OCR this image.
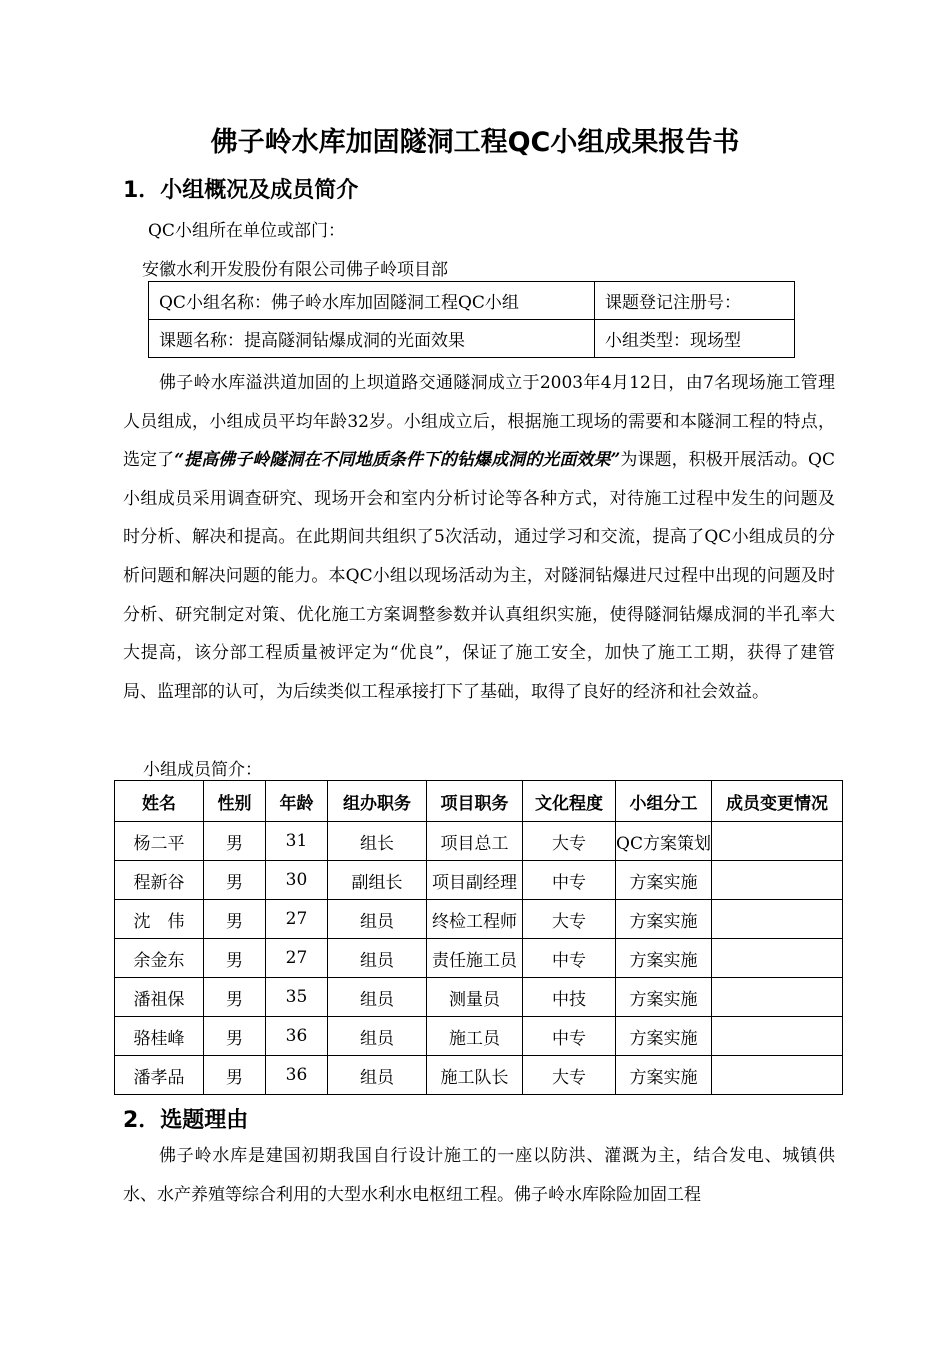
佛子岭水库加固隧洞工程QC小组成果报告书
1．小组概况及成员简介
QC小组所在单位或部门：
安徽水利开发股份有限公司佛子岭项目部
QC小组名称：佛子岭水库加固隧洞工程QC小组	课题登记注册号：
课题名称：提高隧洞钻爆成洞的光面效果	小组类型：现场型
佛子岭水库溢洪道加固的上坝道路交通隧洞成立于2003年4月12日，由7名现场施工管理人员组成，小组成员平均年龄32岁。小组成立后，根据施工现场的需要和本隧洞工程的特点，选定了“提高佛子岭隧洞在不同地质条件下的钻爆成洞的光面效果”为课题，积极开展活动。QC小组成员采用调查研究、现场开会和室内分析讨论等各种方式，对待施工过程中发生的问题及时分析、解决和提高。在此期间共组织了5次活动，通过学习和交流，提高了QC小组成员的分析问题和解决问题的能力。本QC小组以现场活动为主，对隧洞钻爆进尺过程中出现的问题及时分析、研究制定对策、优化施工方案调整参数并认真组织实施，使得隧洞钻爆成洞的半孔率大大提高，该分部工程质量被评定为“优良”，保证了施工安全，加快了施工工期，获得了建管局、监理部的认可，为后续类似工程承接打下了基础，取得了良好的经济和社会效益。
小组成员简介：
姓名	性别	年龄	组办职务	项目职务	文化程度	小组分工	成员变更情况
杨二平	男	31	组长	项目总工	大专	QC方案策划	
程新谷	男	30	副组长	项目副经理	中专	方案实施	
沈　伟	男	27	组员	终检工程师	大专	方案实施	
余金东	男	27	组员	责任施工员	中专	方案实施	
潘祖保	男	35	组员	测量员	中技	方案实施	
骆桂峰	男	36	组员	施工员	中专	方案实施	
潘孝品	男	36	组员	施工队长	大专	方案实施	
2．选题理由
佛子岭水库是建国初期我国自行设计施工的一座以防洪、灌溉为主，结合发电、城镇供水、水产养殖等综合利用的大型水利水电枢纽工程。佛子岭水库除险加固工程
